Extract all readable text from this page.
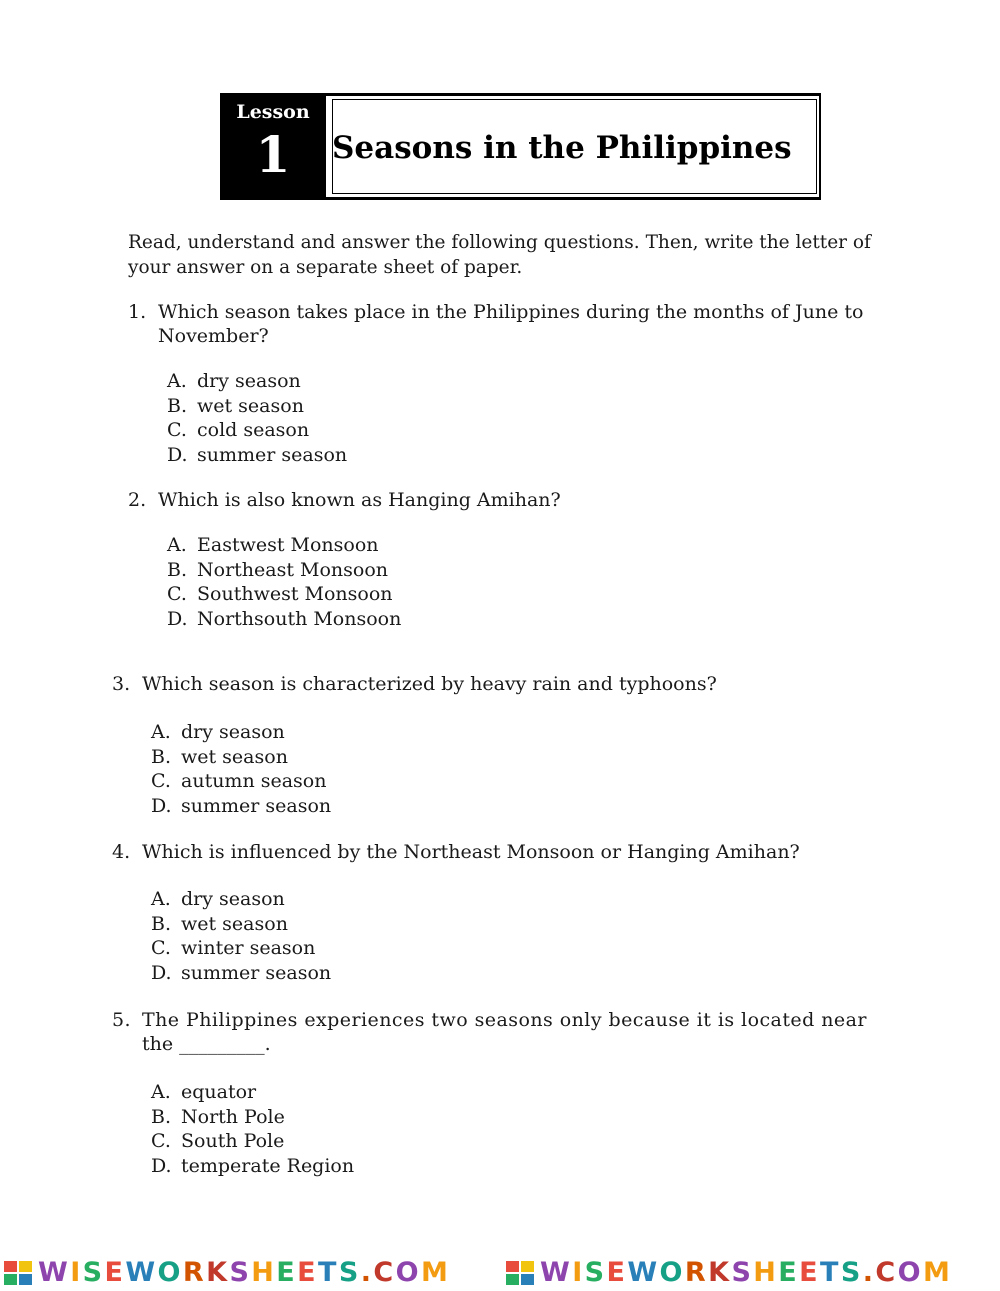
Lesson
1	Seasons in the Philippines
Read, understand and answer the following questions. Then, write the letter of your answer on a separate sheet of paper.
1. Which season takes place in the Philippines during the months of June to
November?
A. dry season
B. wet season
C. cold season
D. summer season
2. Which is also known as Hanging Amihan?
A. Eastwest Monsoon
B. Northeast Monsoon
C. Southwest Monsoon
D. Northsouth Monsoon
3. Which season is characterized by heavy rain and typhoons?
A. dry season
B. wet season
C. autumn season
D. summer season
4. Which is influenced by the Northeast Monsoon or Hanging Amihan?
A. dry season
B. wet season
C. winter season
D. summer season
5. The Philippines experiences two seasons only because it is located near
the _________.
A. equator
B. North Pole
C. South Pole
D. temperate Region
WISEWORKSHEETS.COM	WISEWORKSHEETS.COM
